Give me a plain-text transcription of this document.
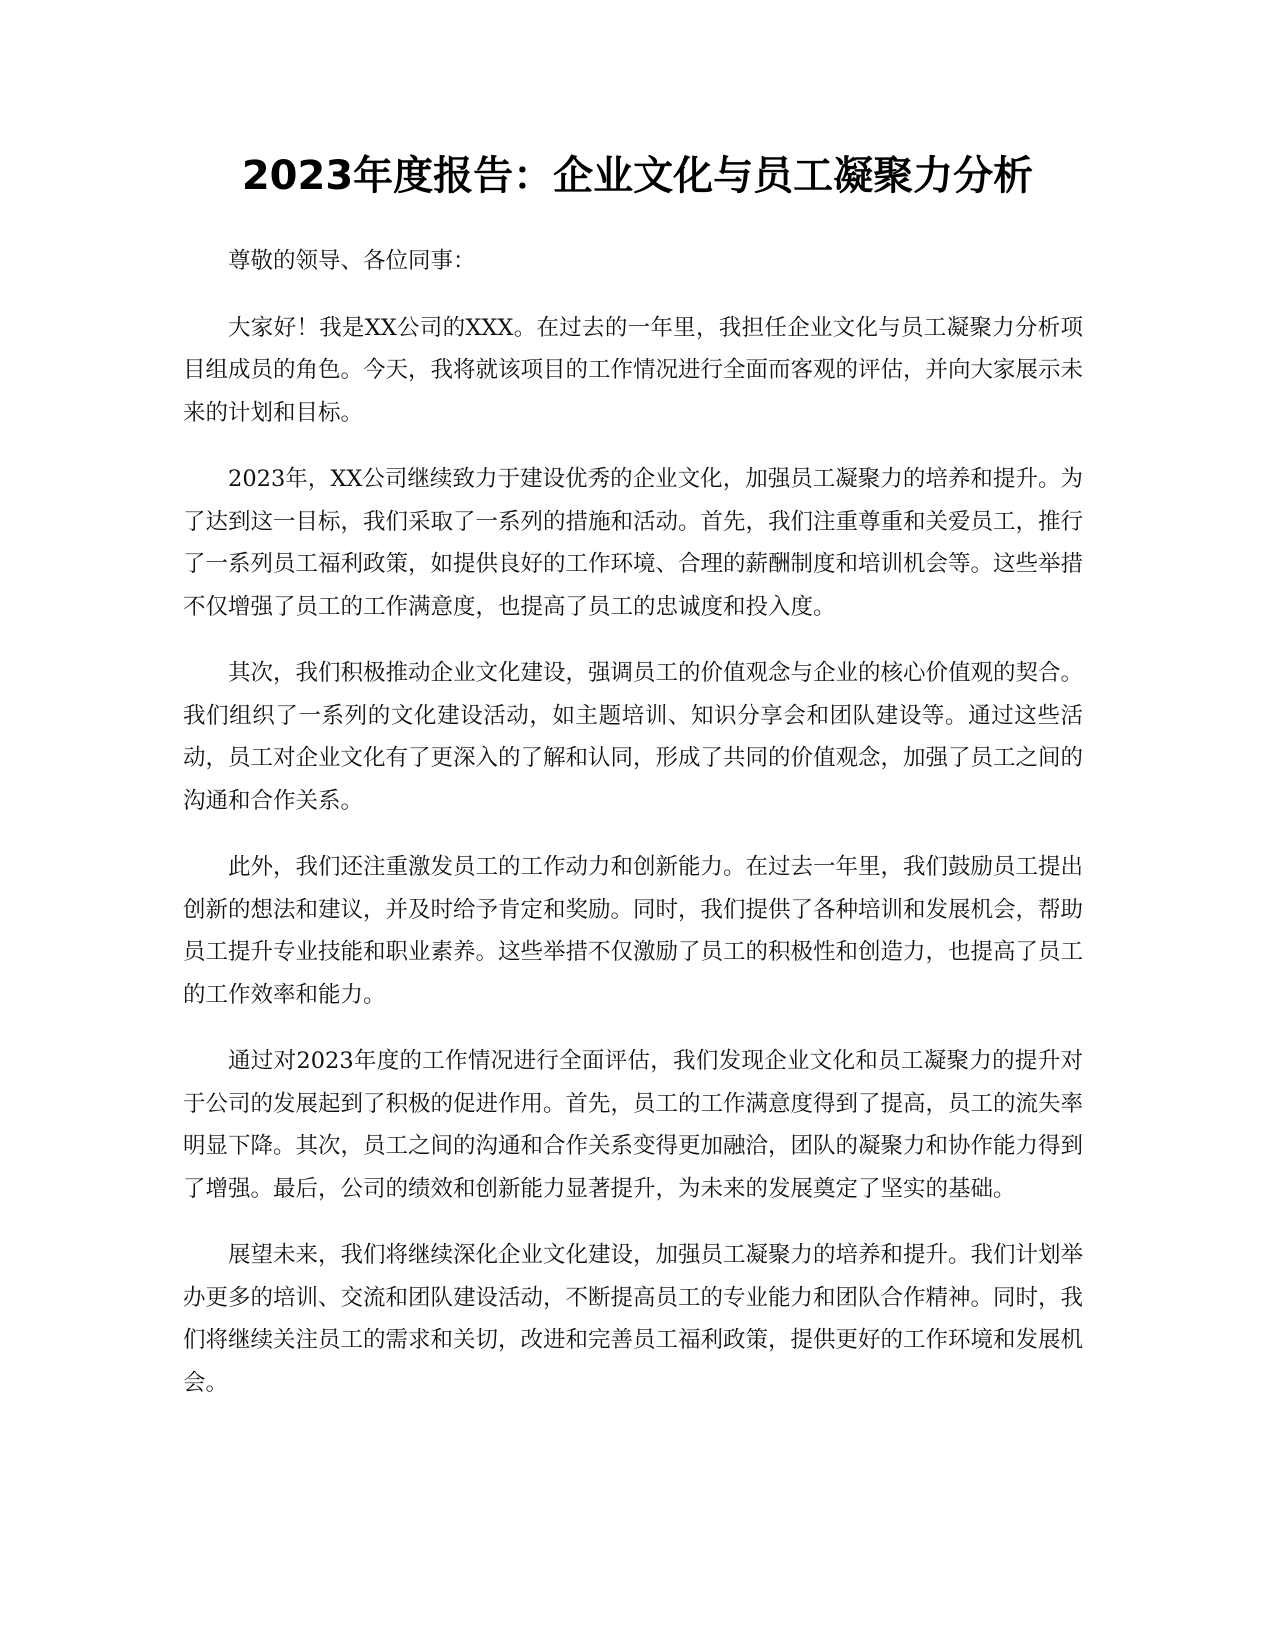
2023年度报告：企业文化与员工凝聚力分析

尊敬的领导、各位同事：

大家好！我是XX公司的XXX。在过去的一年里，我担任企业文化与员工凝聚力分析项目组成员的角色。今天，我将就该项目的工作情况进行全面而客观的评估，并向大家展示未来的计划和目标。

2023年，XX公司继续致力于建设优秀的企业文化，加强员工凝聚力的培养和提升。为了达到这一目标，我们采取了一系列的措施和活动。首先，我们注重尊重和关爱员工，推行了一系列员工福利政策，如提供良好的工作环境、合理的薪酬制度和培训机会等。这些举措不仅增强了员工的工作满意度，也提高了员工的忠诚度和投入度。

其次，我们积极推动企业文化建设，强调员工的价值观念与企业的核心价值观的契合。我们组织了一系列的文化建设活动，如主题培训、知识分享会和团队建设等。通过这些活动，员工对企业文化有了更深入的了解和认同，形成了共同的价值观念，加强了员工之间的沟通和合作关系。

此外，我们还注重激发员工的工作动力和创新能力。在过去一年里，我们鼓励员工提出创新的想法和建议，并及时给予肯定和奖励。同时，我们提供了各种培训和发展机会，帮助员工提升专业技能和职业素养。这些举措不仅激励了员工的积极性和创造力，也提高了员工的工作效率和能力。

通过对2023年度的工作情况进行全面评估，我们发现企业文化和员工凝聚力的提升对于公司的发展起到了积极的促进作用。首先，员工的工作满意度得到了提高，员工的流失率明显下降。其次，员工之间的沟通和合作关系变得更加融洽，团队的凝聚力和协作能力得到了增强。最后，公司的绩效和创新能力显著提升，为未来的发展奠定了坚实的基础。

展望未来，我们将继续深化企业文化建设，加强员工凝聚力的培养和提升。我们计划举办更多的培训、交流和团队建设活动，不断提高员工的专业能力和团队合作精神。同时，我们将继续关注员工的需求和关切，改进和完善员工福利政策，提供更好的工作环境和发展机会。
